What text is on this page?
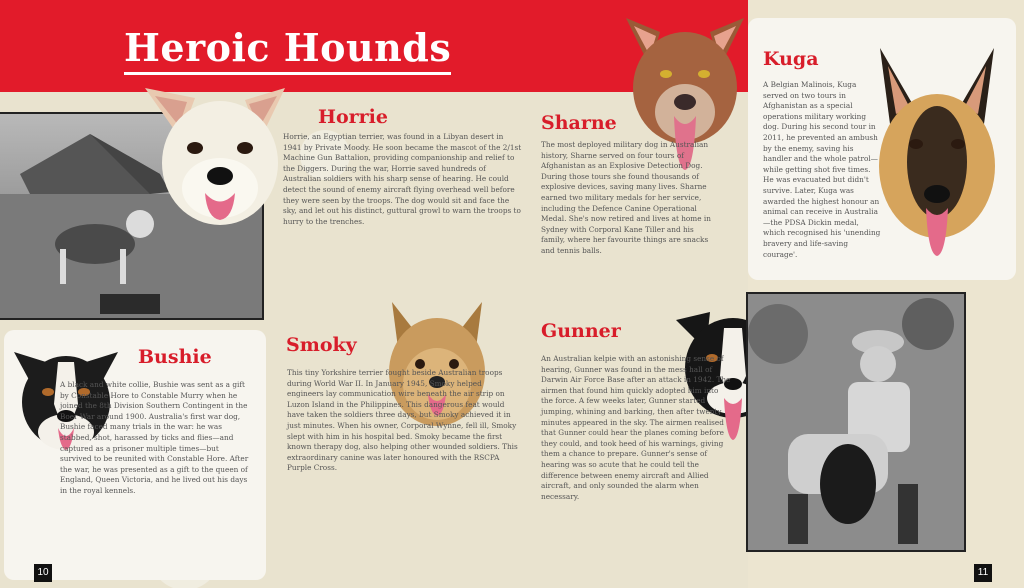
Heroic Hounds
Horrie

Horrie, an Egyptian terrier, was found in a Libyan desert in 1941 by Private Moody. He soon became the mascot of the 2/1st Machine Gun Battalion, providing companionship and relief to the Diggers. During the war, Horrie saved hundreds of Australian soldiers with his sharp sense of hearing. He could detect the sound of enemy aircraft flying overhead well before they were seen by the troops. The dog would sit and face the sky, and let out his distinct, guttural growl to warn the troops to hurry to the trenches.

Bushie

A black and white collie, Bushie was sent as a gift by Constable Hore to Constable Murry when he joined the 8th Division Southern Contingent in the Boer War around 1900. Australia's first war dog, Bushie faced many trials in the war: he was stabbed, shot, harassed by ticks and flies—and captured as a prisoner multiple times—but survived to be reunited with Constable Hore. After the war, he was presented as a gift to the queen of England, Queen Victoria, and he lived out his days in the royal kennels.

Smoky

This tiny Yorkshire terrier fought beside Australian troops during World War II. In January 1945, Smoky helped engineers lay communication wire beneath the air strip on Luzon Island in the Philippines. This dangerous feat would have taken the soldiers three days, but Smoky achieved it in just minutes. When his owner, Corporal Wynne, fell ill, Smoky slept with him in his hospital bed. Smoky became the first known therapy dog, also helping other wounded soldiers. This extraordinary canine was later honoured with the RSCPA Purple Cross.

Sharne

The most deployed military dog in Australian history, Sharne served on four tours of Afghanistan as an Explosive Detection Dog. During those tours she found thousands of explosive devices, saving many lives. Sharne earned two military medals for her service, including the Defence Canine Operational Medal. She's now retired and lives at home in Sydney with Corporal Kane Tiller and his family, where her favourite things are snacks and tennis balls.

Gunner

An Australian kelpie with an astonishing sense of hearing, Gunner was found in the mess hall of Darwin Air Force Base after an attack in 1942. The airmen that found him quickly adopted him into the force. A few weeks later, Gunner started jumping, whining and barking, then after twenty minutes appeared in the sky. The airmen realised that Gunner could hear the planes coming before they could, and took heed of his warnings, giving them a chance to prepare. Gunner's sense of hearing was so acute that he could tell the difference between enemy aircraft and Allied aircraft, and only sounded the alarm when necessary.

Kuga

A Belgian Malinois, Kuga served on two tours in Afghanistan as a special operations military working dog. During his second tour in 2011, he prevented an ambush by the enemy, saving his handler and the whole patrol—while getting shot five times. He was evacuated but didn't survive. Later, Kuga was awarded the highest honour an animal can receive in Australia—the PDSA Dickin medal, which recognised his 'unending bravery and life-saving courage'.

10	11
